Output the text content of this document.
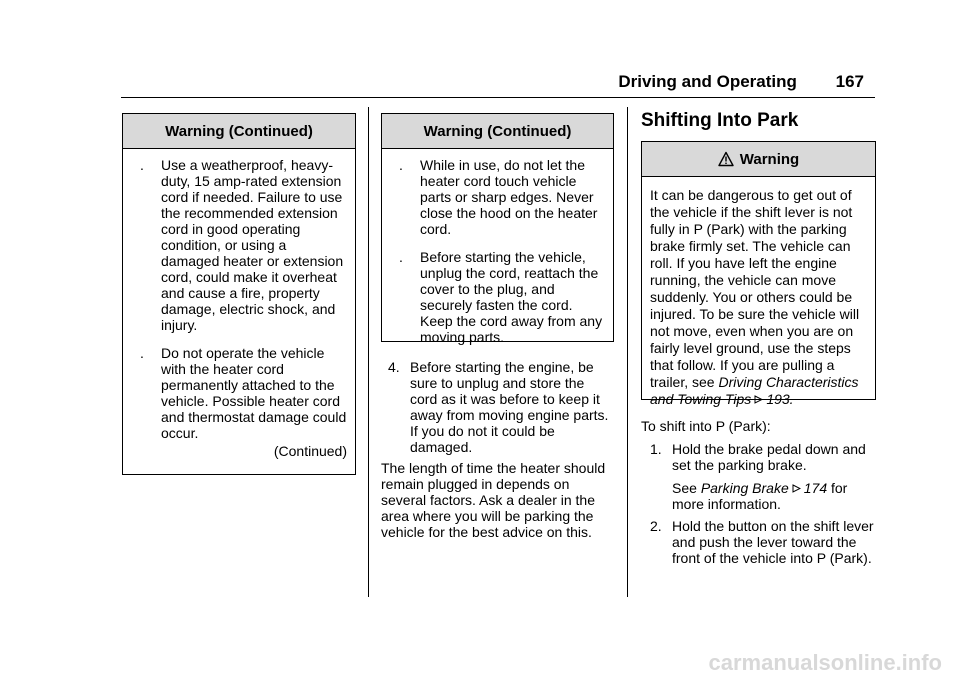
Driving and Operating 167
Warning (Continued)
. Use a weatherproof, heavy-duty, 15 amp-rated extension cord if needed. Failure to use the recommended extension cord in good operating condition, or using a damaged heater or extension cord, could make it overheat and cause a fire, property damage, electric shock, and injury.
. Do not operate the vehicle with the heater cord permanently attached to the vehicle. Possible heater cord and thermostat damage could occur.
(Continued)
Warning (Continued)
. While in use, do not let the heater cord touch vehicle parts or sharp edges. Never close the hood on the heater cord.
. Before starting the vehicle, unplug the cord, reattach the cover to the plug, and securely fasten the cord. Keep the cord away from any moving parts.
4. Before starting the engine, be sure to unplug and store the cord as it was before to keep it away from moving engine parts. If you do not it could be damaged.
The length of time the heater should remain plugged in depends on several factors. Ask a dealer in the area where you will be parking the vehicle for the best advice on this.
Shifting Into Park
Warning
It can be dangerous to get out of the vehicle if the shift lever is not fully in P (Park) with the parking brake firmly set. The vehicle can roll. If you have left the engine running, the vehicle can move suddenly. You or others could be injured. To be sure the vehicle will not move, even when you are on fairly level ground, use the steps that follow. If you are pulling a trailer, see Driving Characteristics and Towing Tips 193.
To shift into P (Park):
1. Hold the brake pedal down and set the parking brake.
See Parking Brake 174 for more information.
2. Hold the button on the shift lever and push the lever toward the front of the vehicle into P (Park).
carmanualsonline.info
